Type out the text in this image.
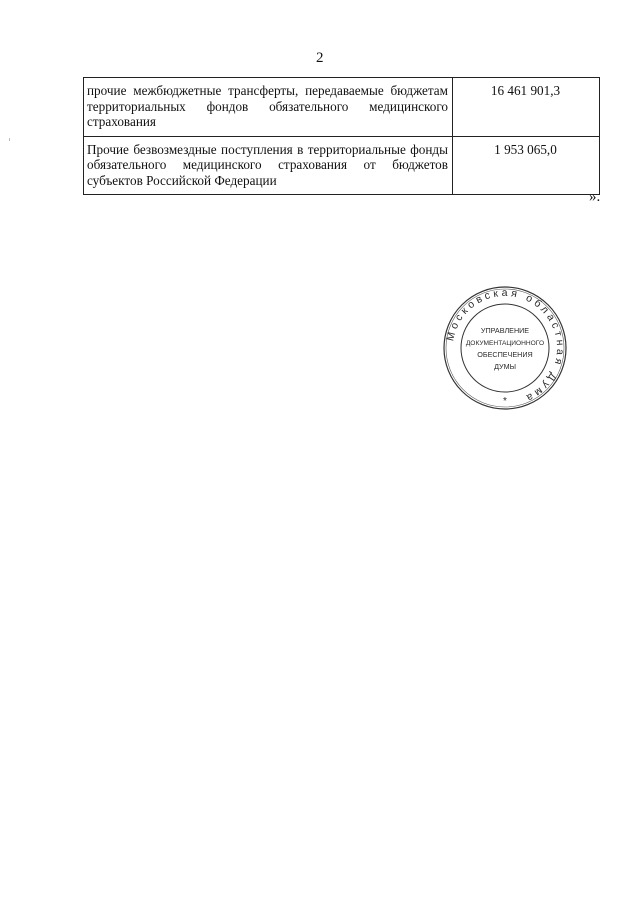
2
прочие межбюджетные трансферты, передаваемые бюджетам территориальных фондов обязательного медицинского страхования	16 461 901,3
Прочие безвозмездные поступления в территориальные фонды обязательного медицинского страхования от бюджетов субъектов Российской Федерации	1 953 065,0
».
Московская областная Дума
УПРАВЛЕНИЕ
ДОКУМЕНТАЦИОННОГО
ОБЕСПЕЧЕНИЯ
ДУМЫ
*
